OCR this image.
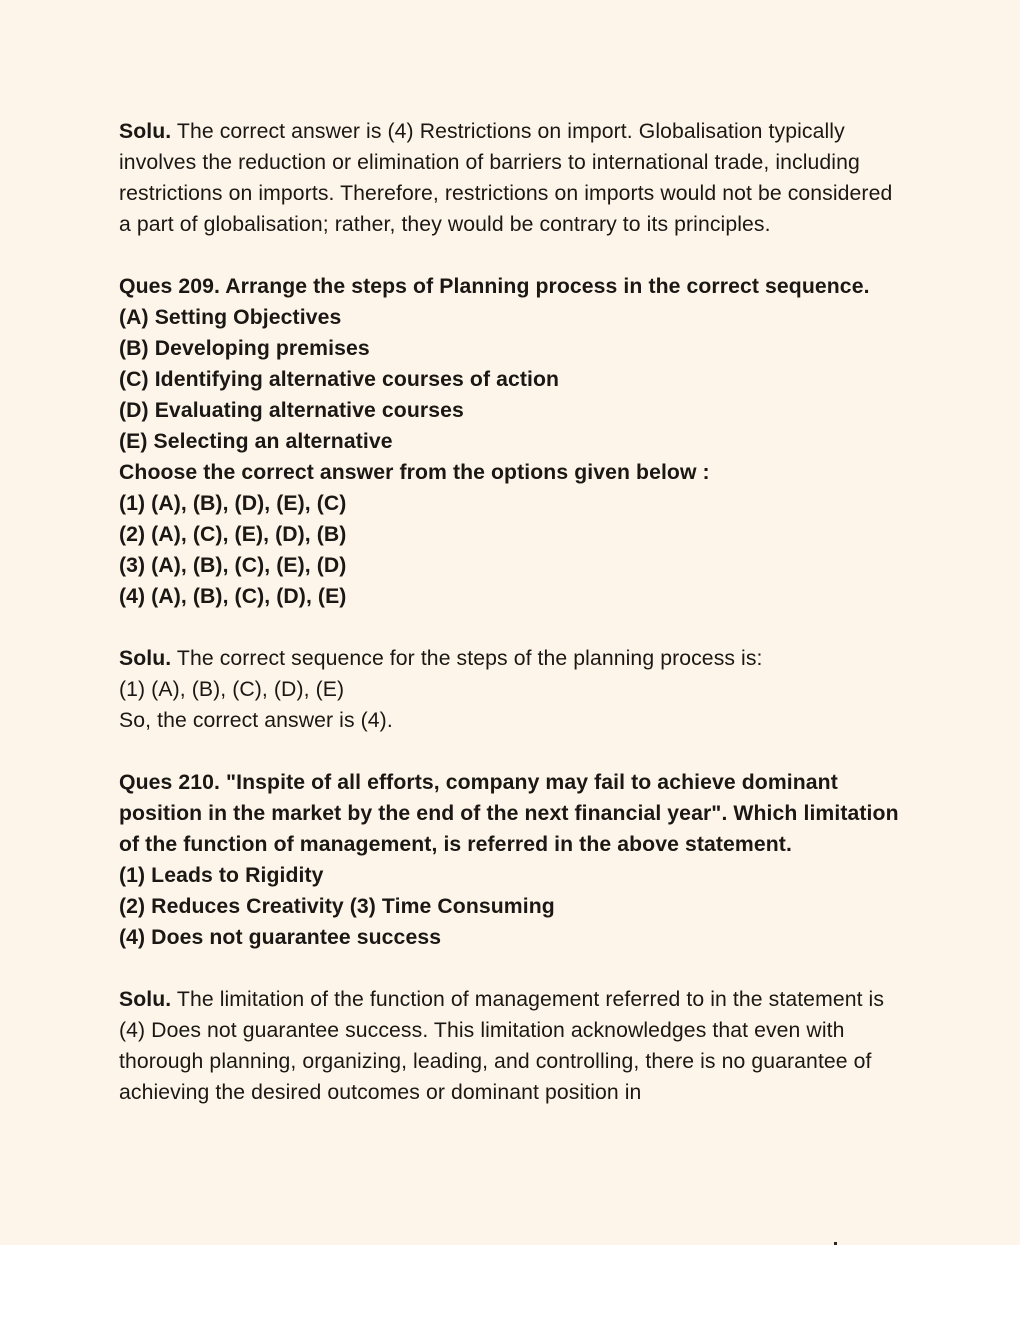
Solu. The correct answer is (4) Restrictions on import. Globalisation typically involves the reduction or elimination of barriers to international trade, including restrictions on imports. Therefore, restrictions on imports would not be considered a part of globalisation; rather, they would be contrary to its principles.

Ques 209. Arrange the steps of Planning process in the correct sequence.
(A) Setting Objectives
(B) Developing premises
(C) Identifying alternative courses of action
(D) Evaluating alternative courses
(E) Selecting an alternative
Choose the correct answer from the options given below :
(1) (A), (B), (D), (E), (C)
(2) (A), (C), (E), (D), (B)
(3) (A), (B), (C), (E), (D)
(4) (A), (B), (C), (D), (E)
Solu. The correct sequence for the steps of the planning process is:
(1) (A), (B), (C), (D), (E)
So, the correct answer is (4).
Ques 210. "Inspite of all efforts, company may fail to achieve dominant position in the market by the end of the next financial year". Which limitation of the function of management, is referred in the above statement.
(1) Leads to Rigidity
(2) Reduces Creativity (3) Time Consuming
(4) Does not guarantee success

Solu. The limitation of the function of management referred to in the statement is (4) Does not guarantee success. This limitation acknowledges that even with thorough planning, organizing, leading, and controlling, there is no guarantee of achieving the desired outcomes or dominant position in
